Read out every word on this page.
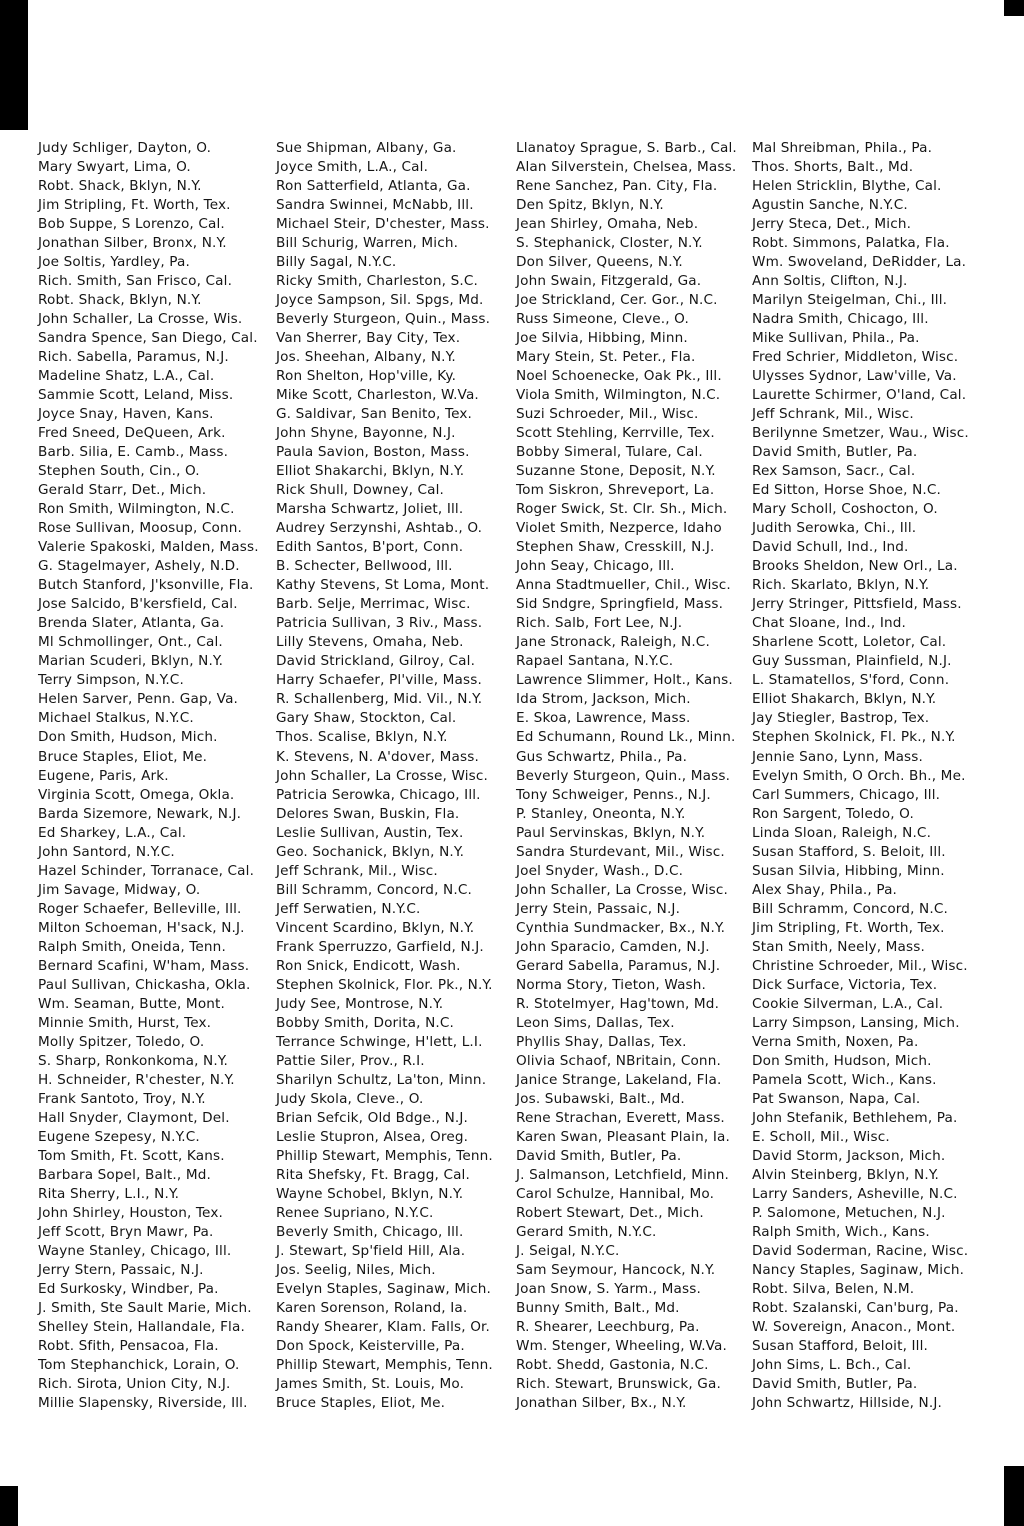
Judy Schliger, Dayton, O.
Mary Swyart, Lima, O.
Robt. Shack, Bklyn, N.Y.
Jim Stripling, Ft. Worth, Tex.
Bob Suppe, S Lorenzo, Cal.
Jonathan Silber, Bronx, N.Y.
Joe Soltis, Yardley, Pa.
Rich. Smith, San Frisco, Cal.
Robt. Shack, Bklyn, N.Y.
John Schaller, La Crosse, Wis.
Sandra Spence, San Diego, Cal.
Rich. Sabella, Paramus, N.J.
Madeline Shatz, L.A., Cal.
Sammie Scott, Leland, Miss.
Joyce Snay, Haven, Kans.
Fred Sneed, DeQueen, Ark.
Barb. Silia, E. Camb., Mass.
Stephen South, Cin., O.
Gerald Starr, Det., Mich.
Ron Smith, Wilmington, N.C.
Rose Sullivan, Moosup, Conn.
Valerie Spakoski, Malden, Mass.
G. Stagelmayer, Ashely, N.D.
Butch Stanford, J'ksonville, Fla.
Jose Salcido, B'kersfield, Cal.
Brenda Slater, Atlanta, Ga.
Ml Schmollinger, Ont., Cal.
Marian Scuderi, Bklyn, N.Y.
Terry Simpson, N.Y.C.
Helen Sarver, Penn. Gap, Va.
Michael Stalkus, N.Y.C.
Don Smith, Hudson, Mich.
Bruce Staples, Eliot, Me.
Eugene, Paris, Ark.
Virginia Scott, Omega, Okla.
Barda Sizemore, Newark, N.J.
Ed Sharkey, L.A., Cal.
John Santord, N.Y.C.
Hazel Schinder, Torranace, Cal.
Jim Savage, Midway, O.
Roger Schaefer, Belleville, Ill.
Milton Schoeman, H'sack, N.J.
Ralph Smith, Oneida, Tenn.
Bernard Scafini, W'ham, Mass.
Paul Sullivan, Chickasha, Okla.
Wm. Seaman, Butte, Mont.
Minnie Smith, Hurst, Tex.
Molly Spitzer, Toledo, O.
S. Sharp, Ronkonkoma, N.Y.
H. Schneider, R'chester, N.Y.
Frank Santoto, Troy, N.Y.
Hall Snyder, Claymont, Del.
Eugene Szepesy, N.Y.C.
Tom Smith, Ft. Scott, Kans.
Barbara Sopel, Balt., Md.
Rita Sherry, L.I., N.Y.
John Shirley, Houston, Tex.
Jeff Scott, Bryn Mawr, Pa.
Wayne Stanley, Chicago, Ill.
Jerry Stern, Passaic, N.J.
Ed Surkosky, Windber, Pa.
J. Smith, Ste Sault Marie, Mich.
Shelley Stein, Hallandale, Fla.
Robt. Sfith, Pensacoa, Fla.
Tom Stephanchick, Lorain, O.
Rich. Sirota, Union City, N.J.
Millie Slapensky, Riverside, Ill.
Sue Shipman, Albany, Ga.
Joyce Smith, L.A., Cal.
Ron Satterfield, Atlanta, Ga.
Sandra Swinnei, McNabb, Ill.
Michael Steir, D'chester, Mass.
Bill Schurig, Warren, Mich.
Billy Sagal, N.Y.C.
Ricky Smith, Charleston, S.C.
Joyce Sampson, Sil. Spgs, Md.
Beverly Sturgeon, Quin., Mass.
Van Sherrer, Bay City, Tex.
Jos. Sheehan, Albany, N.Y.
Ron Shelton, Hop'ville, Ky.
Mike Scott, Charleston, W.Va.
G. Saldivar, San Benito, Tex.
John Shyne, Bayonne, N.J.
Paula Savion, Boston, Mass.
Elliot Shakarchi, Bklyn, N.Y.
Rick Shull, Downey, Cal.
Marsha Schwartz, Joliet, Ill.
Audrey Serzynshi, Ashtab., O.
Edith Santos, B'port, Conn.
B. Schecter, Bellwood, Ill.
Kathy Stevens, St Loma, Mont.
Barb. Selje, Merrimac, Wisc.
Patricia Sullivan, 3 Riv., Mass.
Lilly Stevens, Omaha, Neb.
David Strickland, Gilroy, Cal.
Harry Schaefer, Pl'ville, Mass.
R. Schallenberg, Mid. Vil., N.Y.
Gary Shaw, Stockton, Cal.
Thos. Scalise, Bklyn, N.Y.
K. Stevens, N. A'dover, Mass.
John Schaller, La Crosse, Wisc.
Patricia Serowka, Chicago, Ill.
Delores Swan, Buskin, Fla.
Leslie Sullivan, Austin, Tex.
Geo. Sochanick, Bklyn, N.Y.
Jeff Schrank, Mil., Wisc.
Bill Schramm, Concord, N.C.
Jeff Serwatien, N.Y.C.
Vincent Scardino, Bklyn, N.Y.
Frank Sperruzzo, Garfield, N.J.
Ron Snick, Endicott, Wash.
Stephen Skolnick, Flor. Pk., N.Y.
Judy See, Montrose, N.Y.
Bobby Smith, Dorita, N.C.
Terrance Schwinge, H'lett, L.I.
Pattie Siler, Prov., R.I.
Sharilyn Schultz, La'ton, Minn.
Judy Skola, Cleve., O.
Brian Sefcik, Old Bdge., N.J.
Leslie Stupron, Alsea, Oreg.
Phillip Stewart, Memphis, Tenn.
Rita Shefsky, Ft. Bragg, Cal.
Wayne Schobel, Bklyn, N.Y.
Renee Supriano, N.Y.C.
Beverly Smith, Chicago, Ill.
J. Stewart, Sp'field Hill, Ala.
Jos. Seelig, Niles, Mich.
Evelyn Staples, Saginaw, Mich.
Karen Sorenson, Roland, Ia.
Randy Shearer, Klam. Falls, Or.
Don Spock, Keisterville, Pa.
Phillip Stewart, Memphis, Tenn.
James Smith, St. Louis, Mo.
Bruce Staples, Eliot, Me.
Llanatoy Sprague, S. Barb., Cal.
Alan Silverstein, Chelsea, Mass.
Rene Sanchez, Pan. City, Fla.
Den Spitz, Bklyn, N.Y.
Jean Shirley, Omaha, Neb.
S. Stephanick, Closter, N.Y.
Don Silver, Queens, N.Y.
John Swain, Fitzgerald, Ga.
Joe Strickland, Cer. Gor., N.C.
Russ Simeone, Cleve., O.
Joe Silvia, Hibbing, Minn.
Mary Stein, St. Peter., Fla.
Noel Schoenecke, Oak Pk., Ill.
Viola Smith, Wilmington, N.C.
Suzi Schroeder, Mil., Wisc.
Scott Stehling, Kerrville, Tex.
Bobby Simeral, Tulare, Cal.
Suzanne Stone, Deposit, N.Y.
Tom Siskron, Shreveport, La.
Roger Swick, St. Clr. Sh., Mich.
Violet Smith, Nezperce, Idaho
Stephen Shaw, Cresskill, N.J.
John Seay, Chicago, Ill.
Anna Stadtmueller, Chil., Wisc.
Sid Sndgre, Springfield, Mass.
Rich. Salb, Fort Lee, N.J.
Jane Stronack, Raleigh, N.C.
Rapael Santana, N.Y.C.
Lawrence Slimmer, Holt., Kans.
Ida Strom, Jackson, Mich.
E. Skoa, Lawrence, Mass.
Ed Schumann, Round Lk., Minn.
Gus Schwartz, Phila., Pa.
Beverly Sturgeon, Quin., Mass.
Tony Schweiger, Penns., N.J.
P. Stanley, Oneonta, N.Y.
Paul Servinskas, Bklyn, N.Y.
Sandra Sturdevant, Mil., Wisc.
Joel Snyder, Wash., D.C.
John Schaller, La Crosse, Wisc.
Jerry Stein, Passaic, N.J.
Cynthia Sundmacker, Bx., N.Y.
John Sparacio, Camden, N.J.
Gerard Sabella, Paramus, N.J.
Norma Story, Tieton, Wash.
R. Stotelmyer, Hag'town, Md.
Leon Sims, Dallas, Tex.
Phyllis Shay, Dallas, Tex.
Olivia Schaof, NBritain, Conn.
Janice Strange, Lakeland, Fla.
Jos. Subawski, Balt., Md.
Rene Strachan, Everett, Mass.
Karen Swan, Pleasant Plain, Ia.
David Smith, Butler, Pa.
J. Salmanson, Letchfield, Minn.
Carol Schulze, Hannibal, Mo.
Robert Stewart, Det., Mich.
Gerard Smith, N.Y.C.
J. Seigal, N.Y.C.
Sam Seymour, Hancock, N.Y.
Joan Snow, S. Yarm., Mass.
Bunny Smith, Balt., Md.
R. Shearer, Leechburg, Pa.
Wm. Stenger, Wheeling, W.Va.
Robt. Shedd, Gastonia, N.C.
Rich. Stewart, Brunswick, Ga.
Jonathan Silber, Bx., N.Y.
Mal Shreibman, Phila., Pa.
Thos. Shorts, Balt., Md.
Helen Stricklin, Blythe, Cal.
Agustin Sanche, N.Y.C.
Jerry Steca, Det., Mich.
Robt. Simmons, Palatka, Fla.
Wm. Swoveland, DeRidder, La.
Ann Soltis, Clifton, N.J.
Marilyn Steigelman, Chi., Ill.
Nadra Smith, Chicago, Ill.
Mike Sullivan, Phila., Pa.
Fred Schrier, Middleton, Wisc.
Ulysses Sydnor, Law'ville, Va.
Laurette Schirmer, O'land, Cal.
Jeff Schrank, Mil., Wisc.
Berilynne Smetzer, Wau., Wisc.
David Smith, Butler, Pa.
Rex Samson, Sacr., Cal.
Ed Sitton, Horse Shoe, N.C.
Mary Scholl, Coshocton, O.
Judith Serowka, Chi., Ill.
David Schull, Ind., Ind.
Brooks Sheldon, New Orl., La.
Rich. Skarlato, Bklyn, N.Y.
Jerry Stringer, Pittsfield, Mass.
Chat Sloane, Ind., Ind.
Sharlene Scott, Loletor, Cal.
Guy Sussman, Plainfield, N.J.
L. Stamatellos, S'ford, Conn.
Elliot Shakarch, Bklyn, N.Y.
Jay Stiegler, Bastrop, Tex.
Stephen Skolnick, Fl. Pk., N.Y.
Jennie Sano, Lynn, Mass.
Evelyn Smith, O Orch. Bh., Me.
Carl Summers, Chicago, Ill.
Ron Sargent, Toledo, O.
Linda Sloan, Raleigh, N.C.
Susan Stafford, S. Beloit, Ill.
Susan Silvia, Hibbing, Minn.
Alex Shay, Phila., Pa.
Bill Schramm, Concord, N.C.
Jim Stripling, Ft. Worth, Tex.
Stan Smith, Neely, Mass.
Christine Schroeder, Mil., Wisc.
Dick Surface, Victoria, Tex.
Cookie Silverman, L.A., Cal.
Larry Simpson, Lansing, Mich.
Verna Smith, Noxen, Pa.
Don Smith, Hudson, Mich.
Pamela Scott, Wich., Kans.
Pat Swanson, Napa, Cal.
John Stefanik, Bethlehem, Pa.
E. Scholl, Mil., Wisc.
David Storm, Jackson, Mich.
Alvin Steinberg, Bklyn, N.Y.
Larry Sanders, Asheville, N.C.
P. Salomone, Metuchen, N.J.
Ralph Smith, Wich., Kans.
David Soderman, Racine, Wisc.
Nancy Staples, Saginaw, Mich.
Robt. Silva, Belen, N.M.
Robt. Szalanski, Can'burg, Pa.
W. Sovereign, Anacon., Mont.
Susan Stafford, Beloit, Ill.
John Sims, L. Bch., Cal.
David Smith, Butler, Pa.
John Schwartz, Hillside, N.J.
